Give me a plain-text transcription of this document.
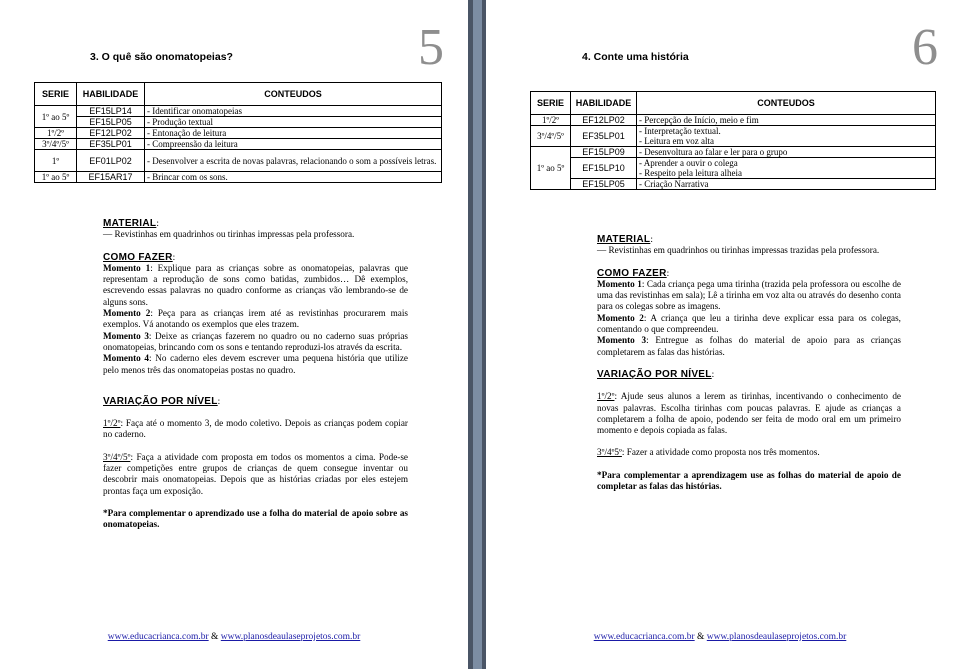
5
3. O quê são onomatopeias?
SERIE	HABILIDADE	CONTEUDOS
1º ao 5º	EF15LP14	- Identificar onomatopeias
	EF15LP05	- Produção textual
1º/2º	EF12LP02	- Entonação de leitura
3º/4º/5º	EF35LP01	- Compreensão da leitura
1º	EF01LP02	- Desenvolver a escrita de novas palavras, relacionando o som a possíveis letras.
1º ao 5º	EF15AR17	- Brincar com os sons.

MATERIAL:

— Revistinhas em quadrinhos ou tirinhas impressas pela professora.

COMO FAZER:

Momento 1: Explique para as crianças sobre as onomatopeias, palavras que representam a reprodução de sons como batidas, zumbidos… Dê exemplos, escrevendo essas palavras no quadro conforme as crianças vão lembrando-se de alguns sons.

Momento 2: Peça para as crianças irem até as revistinhas procurarem mais exemplos. Vá anotando os exemplos que eles trazem.

Momento 3: Deixe as crianças fazerem no quadro ou no caderno suas próprias onomatopeias, brincando com os sons e tentando reproduzi-los através da escrita.

Momento 4: No caderno eles devem escrever uma pequena história que utilize pelo menos três das onomatopeias postas no quadro.

VARIAÇÃO POR NÍVEL:

1º/2º: Faça até o momento 3, de modo coletivo. Depois as crianças podem copiar no caderno.

3º/4º/5º: Faça a atividade com proposta em todos os momentos a cima. Pode-se fazer competições entre grupos de crianças de quem consegue inventar ou descobrir mais onomatopeias. Depois que as histórias criadas por eles estejem prontas faça um exposição.

*Para complementar o aprendizado use a folha do material de apoio sobre as onomatopeias.

www.educacrianca.com.br & www.planosdeaulaseprojetos.com.br
6
4. Conte uma história
SERIE	HABILIDADE	CONTEUDOS
1º/2º	EF12LP02	- Percepção de Início, meio e fim
3º/4º/5º	EF35LP01	- Interpretação textual.
- Leitura em voz alta

1º ao 5º	EF15LP09	- Desenvoltura ao falar e ler para o grupo
	EF15LP10	- Aprender a ouvir o colega
- Respeito pela leitura alheia

	EF15LP05	- Criação Narrativa

MATERIAL:

— Revistinhas em quadrinhos ou tirinhas impressas trazidas pela professora.

COMO FAZER:

Momento 1: Cada criança pega uma tirinha (trazida pela professora ou escolhe de uma das revistinhas em sala); Lê a tirinha em voz alta ou através do desenho conta para os colegas sobre as imagens.

Momento 2: A criança que leu a tirinha deve explicar essa para os colegas, comentando o que compreendeu.

Momento 3: Entregue as folhas do material de apoio para as crianças completarem as falas das histórias.

VARIAÇÃO POR NÍVEL:

1º/2º: Ajude seus alunos a lerem as tirinhas, incentivando o conhecimento de novas palavras. Escolha tirinhas com poucas palavras. E ajude as crianças a completarem a folha de apoio, podendo ser feita de modo oral em um primeiro momento e depois copiada as falas.

3º/4º5º: Fazer a atividade como proposta nos três momentos.

*Para complementar a aprendizagem use as folhas do material de apoio de completar as falas das histórias.

www.educacrianca.com.br & www.planosdeaulaseprojetos.com.br
